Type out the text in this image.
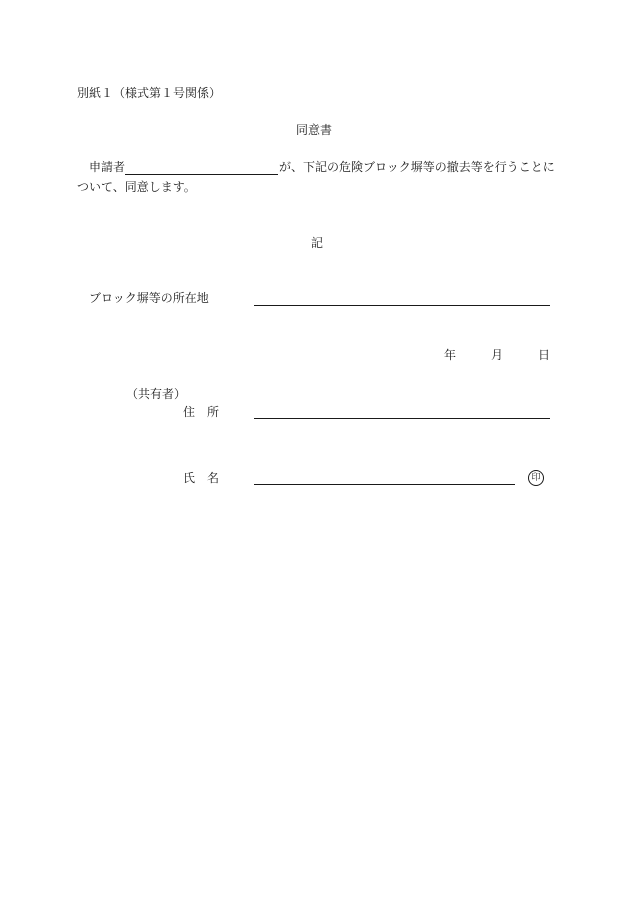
別紙１（様式第１号関係）
同意書
申請者	が、下記の危険ブロック塀等の撤去等を行うことに
ついて、同意します。
記
ブロック塀等の所在地
年	月	日
（共有者）
住　所
氏　名	印
